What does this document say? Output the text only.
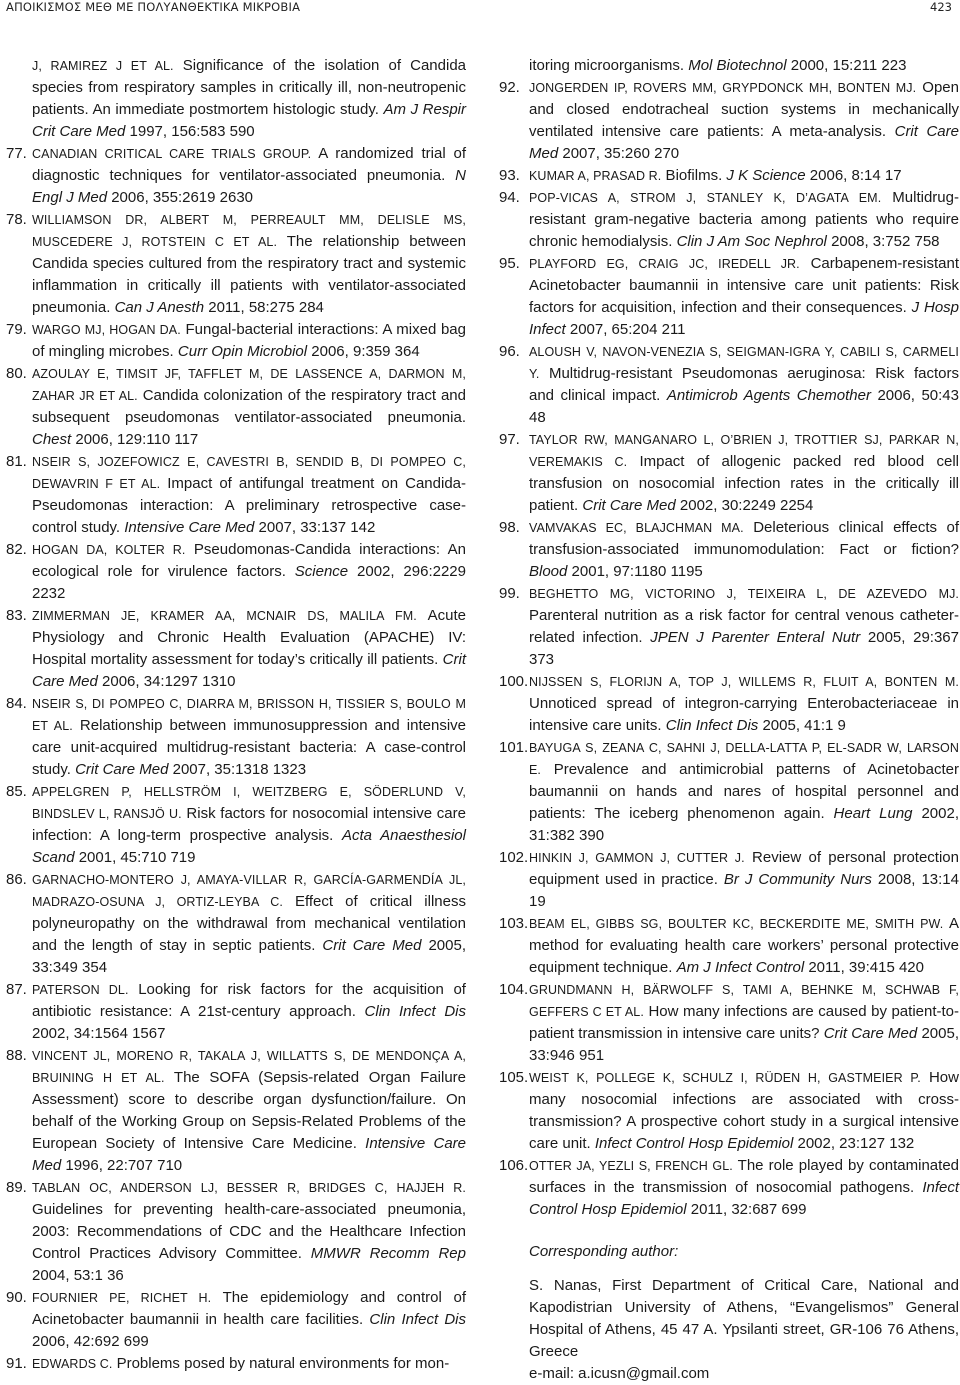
ΑΠΟΙΚΙΣΜΟΣ ΜΕΘ ΜΕ ΠΟΛΥΑΝΘΕΚΤΙΚΑ ΜΙΚΡΟΒΙΑ	423
J, RAMIREZ J ET AL. Significance of the isolation of Candida species from respiratory samples in critically ill, non-neutropenic patients. An immediate postmortem histologic study. Am J Respir Crit Care Med 1997, 156:583 590
77. CANADIAN CRITICAL CARE TRIALS GROUP. A randomized trial of diagnostic techniques for ventilator-associated pneumonia. N Engl J Med 2006, 355:2619 2630
78. WILLIAMSON DR, ALBERT M, PERREAULT MM, DELISLE MS, MUSCEDERE J, ROTSTEIN C ET AL. The relationship between Candida species cultured from the respiratory tract and systemic inflammation in critically ill patients with ventilator-associated pneumonia. Can J Anesth 2011, 58:275 284
79. WARGO MJ, HOGAN DA. Fungal-bacterial interactions: A mixed bag of mingling microbes. Curr Opin Microbiol 2006, 9:359 364
80. AZOULAY E, TIMSIT JF, TAFFLET M, DE LASSENCE A, DARMON M, ZAHAR JR ET AL. Candida colonization of the respiratory tract and subsequent pseudomonas ventilator-associated pneumonia. Chest 2006, 129:110 117
81. NSEIR S, JOZEFOWICZ E, CAVESTRI B, SENDID B, DI POMPEO C, DEWAVRIN F ET AL. Impact of antifungal treatment on Candida-Pseudomonas interaction: A preliminary retrospective case-control study. Intensive Care Med 2007, 33:137 142
82. HOGAN DA, KOLTER R. Pseudomonas-Candida interactions: An ecological role for virulence factors. Science 2002, 296:2229 2232
83. ZIMMERMAN JE, KRAMER AA, MCNAIR DS, MALILA FM. Acute Physiology and Chronic Health Evaluation (APACHE) IV: Hospital mortality assessment for today’s critically ill patients. Crit Care Med 2006, 34:1297 1310
84. NSEIR S, DI POMPEO C, DIARRA M, BRISSON H, TISSIER S, BOULO M ET AL. Relationship between immunosuppression and intensive care unit-acquired multidrug-resistant bacteria: A case-control study. Crit Care Med 2007, 35:1318 1323
85. APPELGREN P, HELLSTRÖM I, WEITZBERG E, SÖDERLUND V, BINDSLEV L, RANSJÖ U. Risk factors for nosocomial intensive care infection: A long-term prospective analysis. Acta Anaesthesiol Scand 2001, 45:710 719
86. GARNACHO-MONTERO J, AMAYA-VILLAR R, GARCÍA-GARMENDÍA JL, MADRAZO-OSUNA J, ORTIZ-LEYBA C. Effect of critical illness polyneuropathy on the withdrawal from mechanical ventilation and the length of stay in septic patients. Crit Care Med 2005, 33:349 354
87. PATERSON DL. Looking for risk factors for the acquisition of antibiotic resistance: A 21st-century approach. Clin Infect Dis 2002, 34:1564 1567
88. VINCENT JL, MORENO R, TAKALA J, WILLATTS S, DE MENDONÇA A, BRUINING H ET AL. The SOFA (Sepsis-related Organ Failure Assessment) score to describe organ dysfunction/failure. On behalf of the Working Group on Sepsis-Related Problems of the European Society of Intensive Care Medicine. Intensive Care Med 1996, 22:707 710
89. TABLAN OC, ANDERSON LJ, BESSER R, BRIDGES C, HAJJEH R. Guidelines for preventing health-care-associated pneumonia, 2003: Recommendations of CDC and the Healthcare Infection Control Practices Advisory Committee. MMWR Recomm Rep 2004, 53:1 36
90. FOURNIER PE, RICHET H. The epidemiology and control of Acinetobacter baumannii in health care facilities. Clin Infect Dis 2006, 42:692 699
91. EDWARDS C. Problems posed by natural environments for mon-
itoring microorganisms. Mol Biotechnol 2000, 15:211 223
92. JONGERDEN IP, ROVERS MM, GRYPDONCK MH, BONTEN MJ. Open and closed endotracheal suction systems in mechanically ventilated intensive care patients: A meta-analysis. Crit Care Med 2007, 35:260 270
93. KUMAR A, PRASAD R. Biofilms. J K Science 2006, 8:14 17
94. POP-VICAS A, STROM J, STANLEY K, D’AGATA EM. Multidrug-resistant gram-negative bacteria among patients who require chronic hemodialysis. Clin J Am Soc Nephrol 2008, 3:752 758
95. PLAYFORD EG, CRAIG JC, IREDELL JR. Carbapenem-resistant Acinetobacter baumannii in intensive care unit patients: Risk factors for acquisition, infection and their consequences. J Hosp Infect 2007, 65:204 211
96. ALOUSH V, NAVON-VENEZIA S, SEIGMAN-IGRA Y, CABILI S, CARMELI Y. Multidrug-resistant Pseudomonas aeruginosa: Risk factors and clinical impact. Antimicrob Agents Chemother 2006, 50:43 48
97. TAYLOR RW, MANGANARO L, O’BRIEN J, TROTTIER SJ, PARKAR N, VEREMAKIS C. Impact of allogenic packed red blood cell transfusion on nosocomial infection rates in the critically ill patient. Crit Care Med 2002, 30:2249 2254
98. VAMVAKAS EC, BLAJCHMAN MA. Deleterious clinical effects of transfusion-associated immunomodulation: Fact or fiction? Blood 2001, 97:1180 1195
99. BEGHETTO MG, VICTORINO J, TEIXEIRA L, DE AZEVEDO MJ. Parenteral nutrition as a risk factor for central venous catheter-related infection. JPEN J Parenter Enteral Nutr 2005, 29:367 373
100. NIJSSEN S, FLORIJN A, TOP J, WILLEMS R, FLUIT A, BONTEN M. Unnoticed spread of integron-carrying Enterobacteriaceae in intensive care units. Clin Infect Dis 2005, 41:1 9
101. BAYUGA S, ZEANA C, SAHNI J, DELLA-LATTA P, EL-SADR W, LARSON E. Prevalence and antimicrobial patterns of Acinetobacter baumannii on hands and nares of hospital personnel and patients: The iceberg phenomenon again. Heart Lung 2002, 31:382 390
102. HINKIN J, GAMMON J, CUTTER J. Review of personal protection equipment used in practice. Br J Community Nurs 2008, 13:14 19
103. BEAM EL, GIBBS SG, BOULTER KC, BECKERDITE ME, SMITH PW. A method for evaluating health care workers’ personal protective equipment technique. Am J Infect Control 2011, 39:415 420
104. GRUNDMANN H, BÄRWOLFF S, TAMI A, BEHNKE M, SCHWAB F, GEFFERS C ET AL. How many infections are caused by patient-to-patient transmission in intensive care units? Crit Care Med 2005, 33:946 951
105. WEIST K, POLLEGE K, SCHULZ I, RÜDEN H, GASTMEIER P. How many nosocomial infections are associated with cross-transmission? A prospective cohort study in a surgical intensive care unit. Infect Control Hosp Epidemiol 2002, 23:127 132
106. OTTER JA, YEZLI S, FRENCH GL. The role played by contaminated surfaces in the transmission of nosocomial pathogens. Infect Control Hosp Epidemiol 2011, 32:687 699
Corresponding author:
S. Nanas, First Department of Critical Care, National and Kapodistrian University of Athens, “Evangelismos” General Hospital of Athens, 45 47 A. Ypsilanti street, GR-106 76 Athens, Greece
e-mail: a.icusn@gmail.com
